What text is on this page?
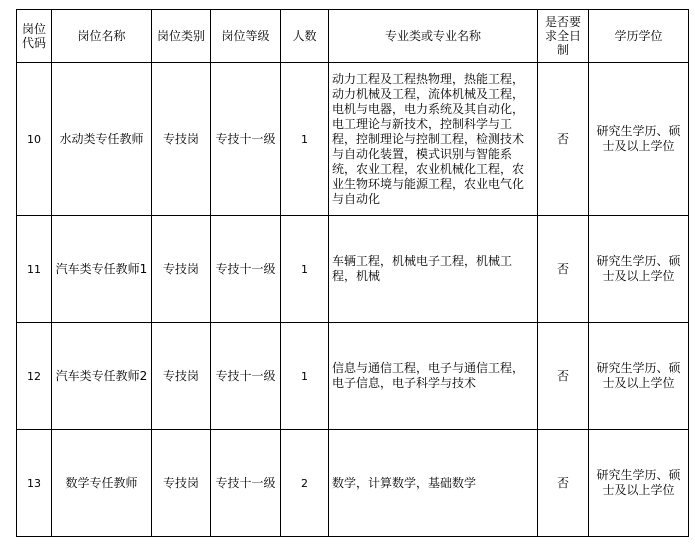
岗位代码	岗位名称	岗位类别	岗位等级	人数	专业类或专业名称	是否要求全日制	学历学位
10	水动类专任教师	专技岗	专技十一级	1	动力工程及工程热物理，热能工程，动力机械及工程，流体机械及工程，电机与电器，电力系统及其自动化，电工理论与新技术，控制科学与工程，控制理论与控制工程，检测技术与自动化装置，模式识别与智能系统，农业工程，农业机械化工程，农业生物环境与能源工程，农业电气化与自动化	否	研究生学历、硕士及以上学位
11	汽车类专任教师1	专技岗	专技十一级	1	车辆工程，机械电子工程，机械工程，机械	否	研究生学历、硕士及以上学位
12	汽车类专任教师2	专技岗	专技十一级	1	信息与通信工程，电子与通信工程，电子信息，电子科学与技术	否	研究生学历、硕士及以上学位
13	数学专任教师	专技岗	专技十一级	2	数学，计算数学，基础数学	否	研究生学历、硕士及以上学位
